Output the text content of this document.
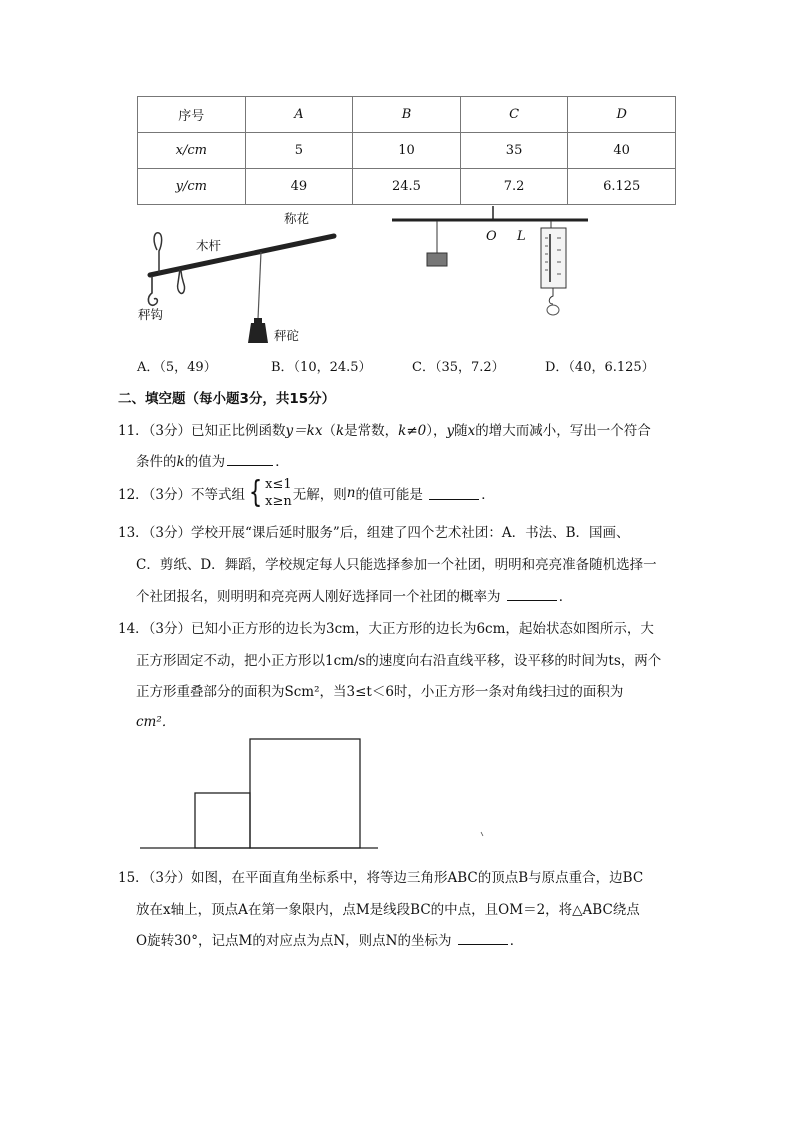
序号	A	B	C	D
x/cm	5	10	35	40
y/cm	49	24.5	7.2	6.125
称花
木杆
秤钩
秤砣
O L
A．（5，49）	B．（10，24.5）	C．（35，7.2）	D．（40，6.125）
二、填空题（每小题3分，共15分）
11．（3分）已知正比例函数y＝kx（k是常数，k≠0），y随x的增大而减小，写出一个符合
条件的k的值为	．
12．（3分）不等式组 { x≤1
x≥n 无解，则 n 的值可能是
	．
13．（3分）学校开展“课后延时服务”后，组建了四个艺术社团：A．书法、B．国画、
C．剪纸、D．舞蹈，学校规定每人只能选择参加一个社团，明明和亮亮准备随机选择一
个社团报名，则明明和亮亮两人刚好选择同一个社团的概率为	．
14．（3分）已知小正方形的边长为3cm，大正方形的边长为6cm，起始状态如图所示，大
正方形固定不动，把小正方形以1cm/s的速度向右沿直线平移，设平移的时间为ts，两个
正方形重叠部分的面积为Scm²，当3≤t＜6时，小正方形一条对角线扫过的面积为
cm²．
15．（3分）如图，在平面直角坐标系中，将等边三角形ABC的顶点B与原点重合，边BC
放在x轴上，顶点A在第一象限内，点M是线段BC的中点，且OM＝2，将△ABC绕点
O旋转30°，记点M的对应点为点N，则点N的坐标为	．
